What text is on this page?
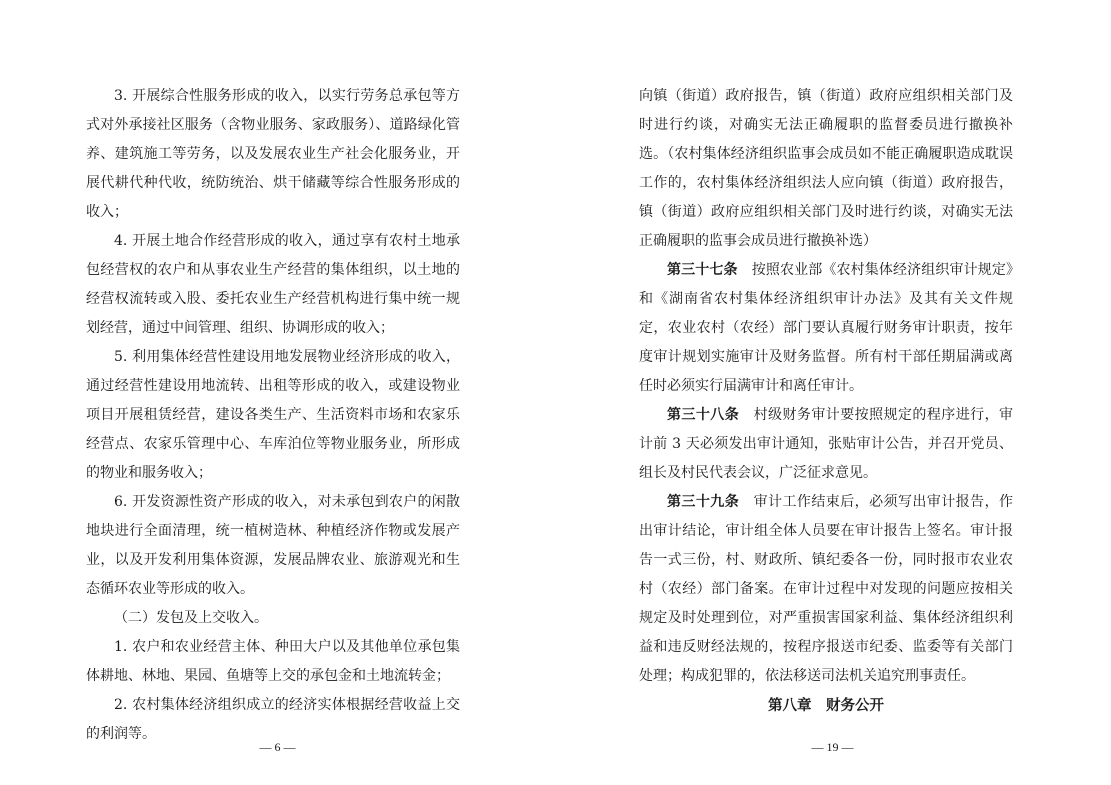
3. 开展综合性服务形成的收入，以实行劳务总承包等方式对外承接社区服务（含物业服务、家政服务）、道路绿化管养、建筑施工等劳务，以及发展农业生产社会化服务业，开展代耕代种代收，统防统治、烘干储藏等综合性服务形成的收入；

4. 开展土地合作经营形成的收入，通过享有农村土地承包经营权的农户和从事农业生产经营的集体组织，以土地的经营权流转或入股、委托农业生产经营机构进行集中统一规划经营，通过中间管理、组织、协调形成的收入；

5. 利用集体经营性建设用地发展物业经济形成的收入，通过经营性建设用地流转、出租等形成的收入，或建设物业项目开展租赁经营，建设各类生产、生活资料市场和农家乐经营点、农家乐管理中心、车库泊位等物业服务业，所形成的物业和服务收入；

6. 开发资源性资产形成的收入，对未承包到农户的闲散地块进行全面清理，统一植树造林、种植经济作物或发展产业，以及开发利用集体资源，发展品牌农业、旅游观光和生态循环农业等形成的收入。

（二）发包及上交收入。

1. 农户和农业经营主体、种田大户以及其他单位承包集体耕地、林地、果园、鱼塘等上交的承包金和土地流转金；

2. 农村集体经济组织成立的经济实体根据经营收益上交的利润等。

— 6 —

向镇（街道）政府报告，镇（街道）政府应组织相关部门及时进行约谈，对确实无法正确履职的监督委员进行撤换补选。（农村集体经济组织监事会成员如不能正确履职造成耽误工作的，农村集体经济组织法人应向镇（街道）政府报告，镇（街道）政府应组织相关部门及时进行约谈，对确实无法正确履职的监事会成员进行撤换补选）

第三十七条　 按照农业部《农村集体经济组织审计规定》和《湖南省农村集体经济组织审计办法》及其有关文件规定，农业农村（农经）部门要认真履行财务审计职责，按年度审计规划实施审计及财务监督。所有村干部任期届满或离任时必须实行届满审计和离任审计。

第三十八条　 村级财务审计要按照规定的程序进行，审计前 3 天必须发出审计通知，张贴审计公告，并召开党员、组长及村民代表会议，广泛征求意见。

第三十九条　 审计工作结束后，必须写出审计报告，作出审计结论，审计组全体人员要在审计报告上签名。审计报告一式三份，村、财政所、镇纪委各一份，同时报市农业农村（农经）部门备案。在审计过程中对发现的问题应按相关规定及时处理到位，对严重损害国家利益、集体经济组织利益和违反财经法规的，按程序报送市纪委、监委等有关部门处理；构成犯罪的，依法移送司法机关追究刑事责任。

第八章　财务公开
— 19 —
